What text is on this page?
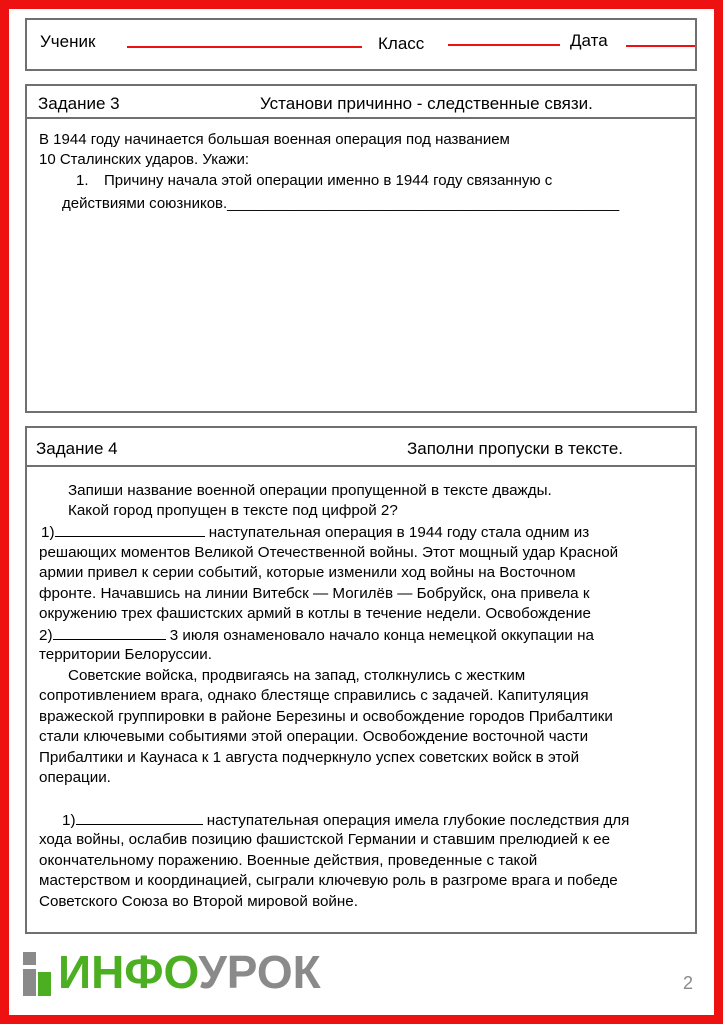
Ученик	Класс	Дата
Задание 3	Установи причинно - следственные связи.
В 1944 году начинается большая военная операция под названием
10 Сталинских ударов. Укажи:
1. Причину начала этой операции именно в 1944 году связанную с
действиями союзников._______________________________________________
Задание 4	Заполни пропуски в тексте.
Запиши название военной операции пропущенной в тексте дважды.
Какой город пропущен в тексте под цифрой 2?
1)	наступательная операция в 1944 году стала одним из
решающих моментов Великой Отечественной войны. Этот мощный удар Красной
армии привел к серии событий, которые изменили ход войны на Восточном
фронте. Начавшись на линии Витебск — Могилёв — Бобруйск, она привела к
окружению трех фашистских армий в котлы в течение недели. Освобождение
2)	3 июля ознаменовало начало конца немецкой оккупации на
территории Белоруссии.
Советские войска, продвигаясь на запад, столкнулись с жестким
сопротивлением врага, однако блестяще справились с задачей. Капитуляция
вражеской группировки в районе Березины и освобождение городов Прибалтики
стали ключевыми событиями этой операции. Освобождение восточной части
Прибалтики и Каунаса к 1 августа подчеркнуло успех советских войск в этой
операции.
1)	наступательная операция имела глубокие последствия для
хода войны, ослабив позицию фашистской Германии и ставшим прелюдией к ее
окончательному поражению. Военные действия, проведенные с такой
мастерством и координацией, сыграли ключевую роль в разгроме врага и победе
Советского Союза во Второй мировой войне.
ИНФОУРОК	2
